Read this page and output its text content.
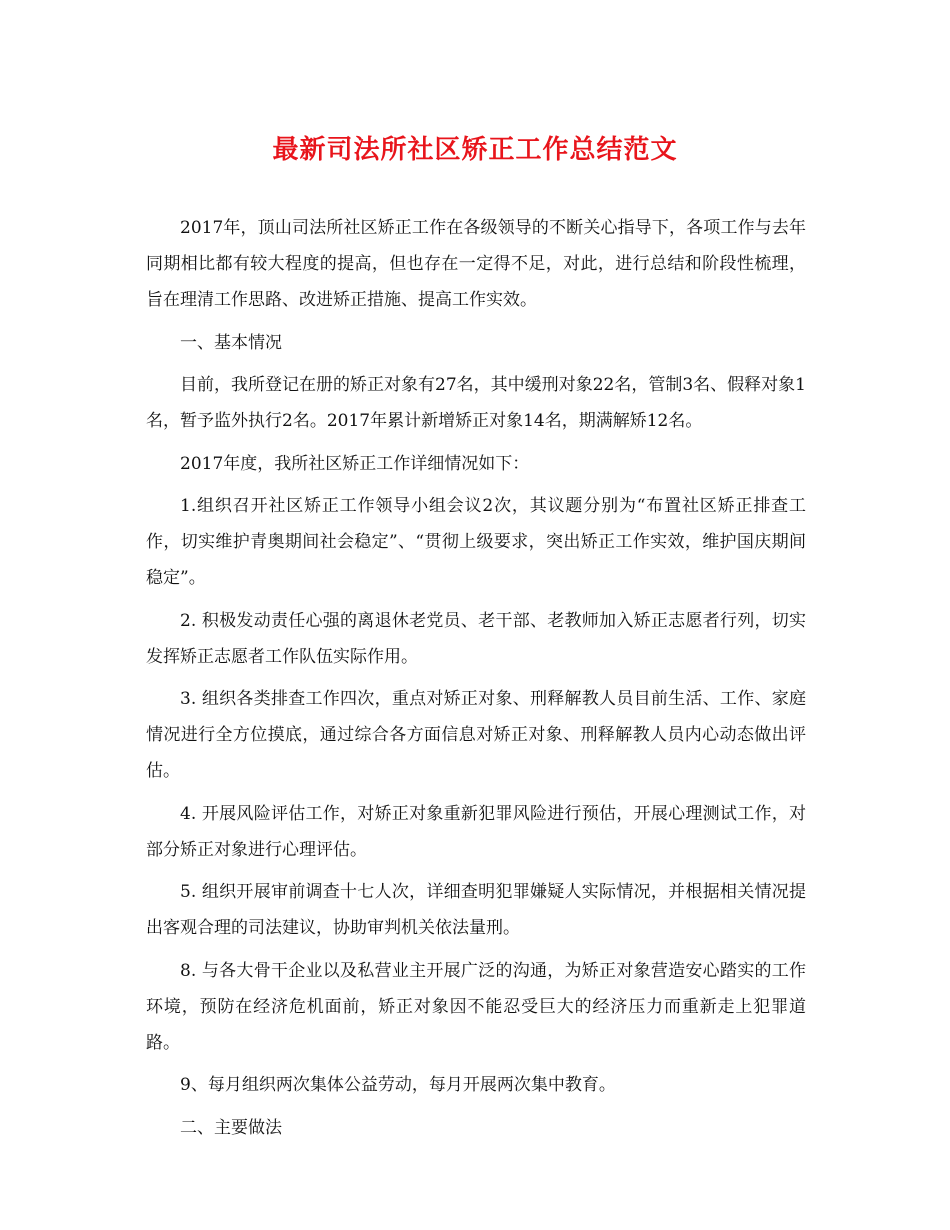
最新司法所社区矫正工作总结范文

2017年，顶山司法所社区矫正工作在各级领导的不断关心指导下，各项工作与去年同期相比都有较大程度的提高，但也存在一定得不足，对此，进行总结和阶段性梳理，旨在理清工作思路、改进矫正措施、提高工作实效。

一、基本情况

目前，我所登记在册的矫正对象有27名，其中缓刑对象22名，管制3名、假释对象1名，暂予监外执行2名。2017年累计新增矫正对象14名，期满解矫12名。

2017年度，我所社区矫正工作详细情况如下：

1.组织召开社区矫正工作领导小组会议2次，其议题分别为“布置社区矫正排查工作，切实维护青奥期间社会稳定”、“贯彻上级要求，突出矫正工作实效，维护国庆期间稳定”。

2. 积极发动责任心强的离退休老党员、老干部、老教师加入矫正志愿者行列，切实发挥矫正志愿者工作队伍实际作用。

3. 组织各类排查工作四次，重点对矫正对象、刑释解教人员目前生活、工作、家庭情况进行全方位摸底，通过综合各方面信息对矫正对象、刑释解教人员内心动态做出评估。

4. 开展风险评估工作，对矫正对象重新犯罪风险进行预估，开展心理测试工作，对部分矫正对象进行心理评估。

5. 组织开展审前调查十七人次，详细查明犯罪嫌疑人实际情况，并根据相关情况提出客观合理的司法建议，协助审判机关依法量刑。

8. 与各大骨干企业以及私营业主开展广泛的沟通，为矫正对象营造安心踏实的工作环境，预防在经济危机面前，矫正对象因不能忍受巨大的经济压力而重新走上犯罪道路。

9、每月组织两次集体公益劳动，每月开展两次集中教育。

二、主要做法
